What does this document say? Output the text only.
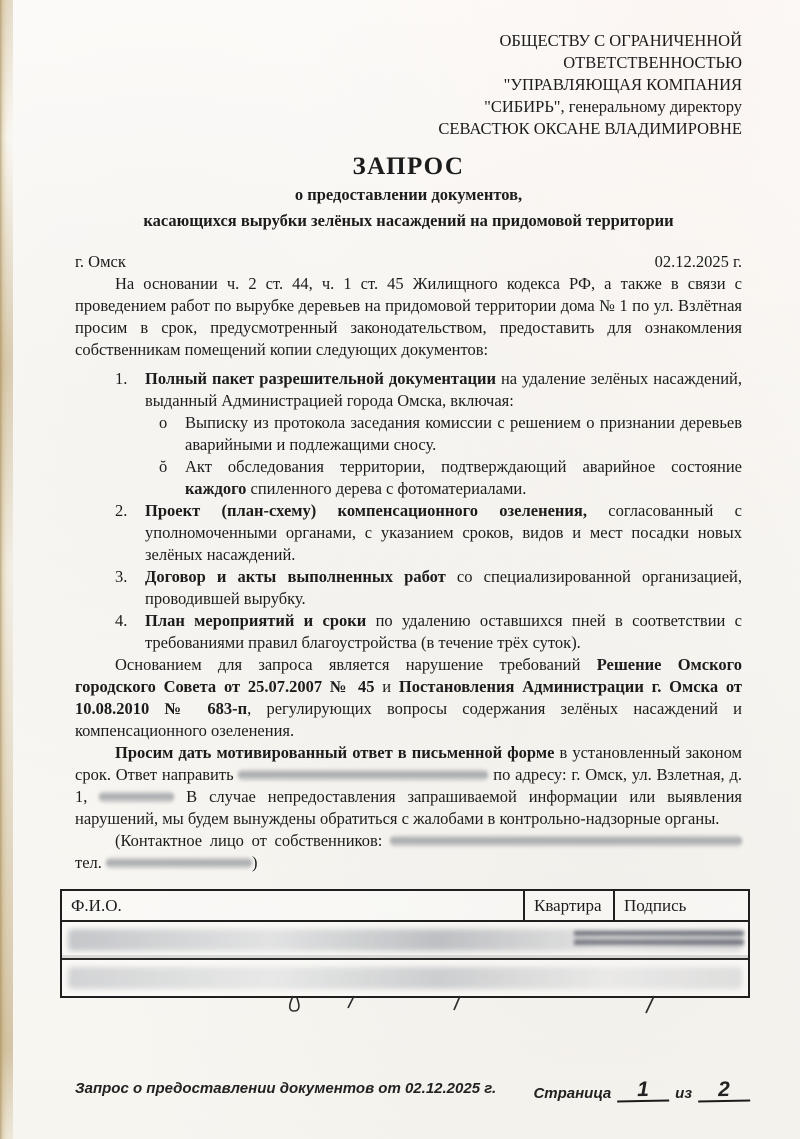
ОБЩЕСТВУ С ОГРАНИЧЕННОЙ
ОТВЕТСТВЕННОСТЬЮ
"УПРАВЛЯЮЩАЯ КОМПАНИЯ
"СИБИРЬ", генеральному директору
СЕВАСТЮК ОКСАНЕ ВЛАДИМИРОВНЕ
ЗАПРОС
о предоставлении документов,
касающихся вырубки зелёных насаждений на придомовой территории
г. Омск	02.12.2025 г.

На основании ч. 2 ст. 44, ч. 1 ст. 45 Жилищного кодекса РФ, а также в связи с проведением работ по вырубке деревьев на придомовой территории дома № 1 по ул. Взлётная просим в срок, предусмотренный законодательством, предоставить для ознакомления собственникам помещений копии следующих документов:

1. Полный пакет разрешительной документации на удаление зелёных насаждений, выданный Администрацией города Омска, включая:
o Выписку из протокола заседания комиссии с решением о признании деревьев аварийными и подлежащими сносу.
ŏ Акт обследования территории, подтверждающий аварийное состояние каждого спиленного дерева с фотоматериалами.
2. Проект (план-схему) компенсационного озеленения, согласованный с уполномоченными органами, с указанием сроков, видов и мест посадки новых зелёных насаждений.
3. Договор и акты выполненных работ со специализированной организацией, проводившей вырубку.
4. План мероприятий и сроки по удалению оставшихся пней в соответствии с требованиями правил благоустройства (в течение трёх суток).

Основанием для запроса является нарушение требований Решение Омского городского Совета от 25.07.2007 № 45 и Постановления Администрации г. Омска от 10.08.2010 № 683-п, регулирующих вопросы содержания зелёных насаждений и компенсационного озеленения.

Просим дать мотивированный ответ в письменной форме в установленный законом срок. Ответ направить	по адресу: г. Омск, ул. Взлетная, д. 1,	В случае непредоставления запрашиваемой информации или выявления нарушений, мы будем вынуждены обратиться с жалобами в контрольно-надзорные органы.

(Контактное лицо от собственников:  тел.	)

Ф.И.О.	Квартира	Подпись
Запрос о предоставлении документов от 02.12.2025 г. Страница	1	из	2
